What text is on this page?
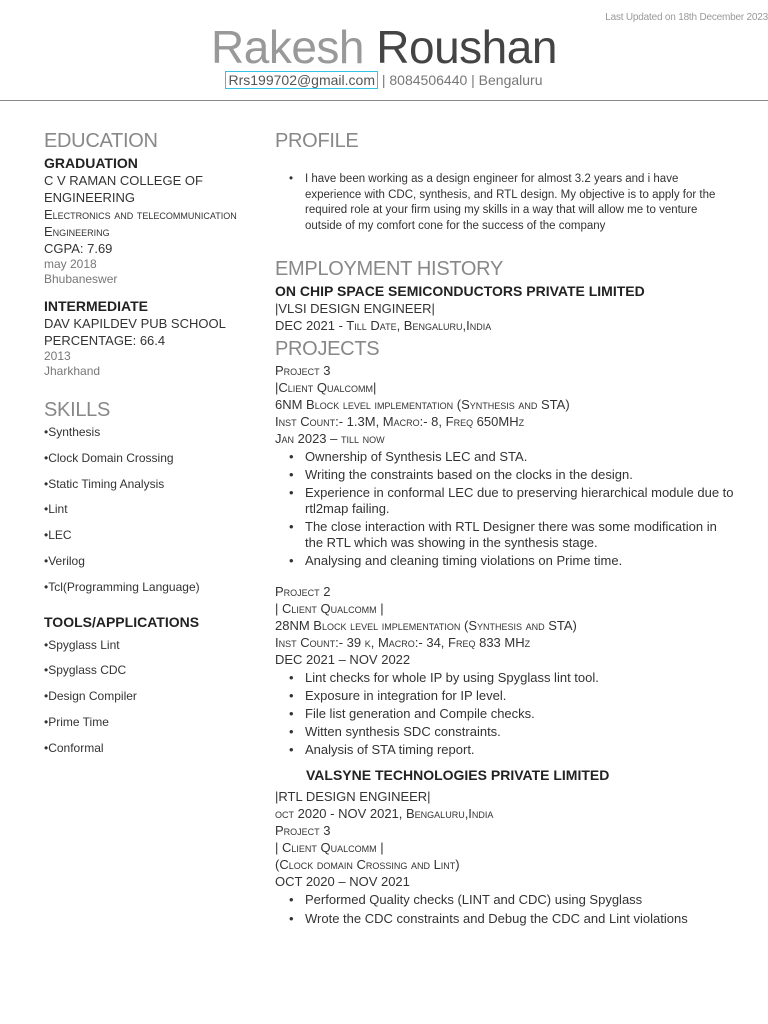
Last Updated on 18th December 2023
Rakesh Roushan
Rrs199702@gmail.com | 8084506440 | Bengaluru
EDUCATION
GRADUATION
C V RAMAN COLLEGE OF ENGINEERING
Electronics and telecommunication Engineering
CGPA: 7.69
may 2018
Bhubaneswer
INTERMEDIATE
DAV KAPILDEV PUB SCHOOL
PERCENTAGE: 66.4
2013
Jharkhand
SKILLS
•Synthesis
•Clock Domain Crossing
•Static Timing Analysis
•Lint
•LEC
•Verilog
•Tcl(Programming Language)
TOOLS/APPLICATIONS
•Spyglass Lint
•Spyglass CDC
•Design Compiler
•Prime Time
•Conformal
PROFILE
• I have been working as a design engineer for almost 3.2 years and i have experience with CDC, synthesis, and RTL design. My objective is to apply for the required role at your firm using my skills in a way that will allow me to venture outside of my comfort cone for the success of the company
EMPLOYMENT HISTORY
ON CHIP SPACE SEMICONDUCTORS PRIVATE LIMITED
|VLSI DESIGN ENGINEER|
DEC 2021 - Till Date, Bengaluru,India
PROJECTS
Project 3
|Client Qualcomm|
6NM Block level implementation (Synthesis and STA)
Inst Count:- 1.3M, Macro:- 8, Freq 650MHz
Jan 2023 – till now
• Ownership of Synthesis LEC and STA.
• Writing the constraints based on the clocks in the design.
• Experience in conformal LEC due to preserving hierarchical module due to rtl2map failing.
• The close interaction with RTL Designer there was some modification in the RTL which was showing in the synthesis stage.
• Analysing and cleaning timing violations on Prime time.
Project 2
| Client Qualcomm |
28NM Block level implementation (Synthesis and STA)
Inst Count:- 39 k, Macro:- 34, Freq 833 MHz
DEC 2021 – NOV 2022
• Lint checks for whole IP by using Spyglass lint tool.
• Exposure in integration for IP level.
• File list generation and Compile checks.
• Witten synthesis SDC constraints.
• Analysis of STA timing report.
VALSYNE TECHNOLOGIES PRIVATE LIMITED
|RTL DESIGN ENGINEER|
oct 2020 - NOV 2021, Bengaluru,India
Project 3
| Client Qualcomm |
(Clock domain Crossing and Lint)
OCT 2020 – NOV 2021
• Performed Quality checks (LINT and CDC) using Spyglass
• Wrote the CDC constraints and Debug the CDC and Lint violations
